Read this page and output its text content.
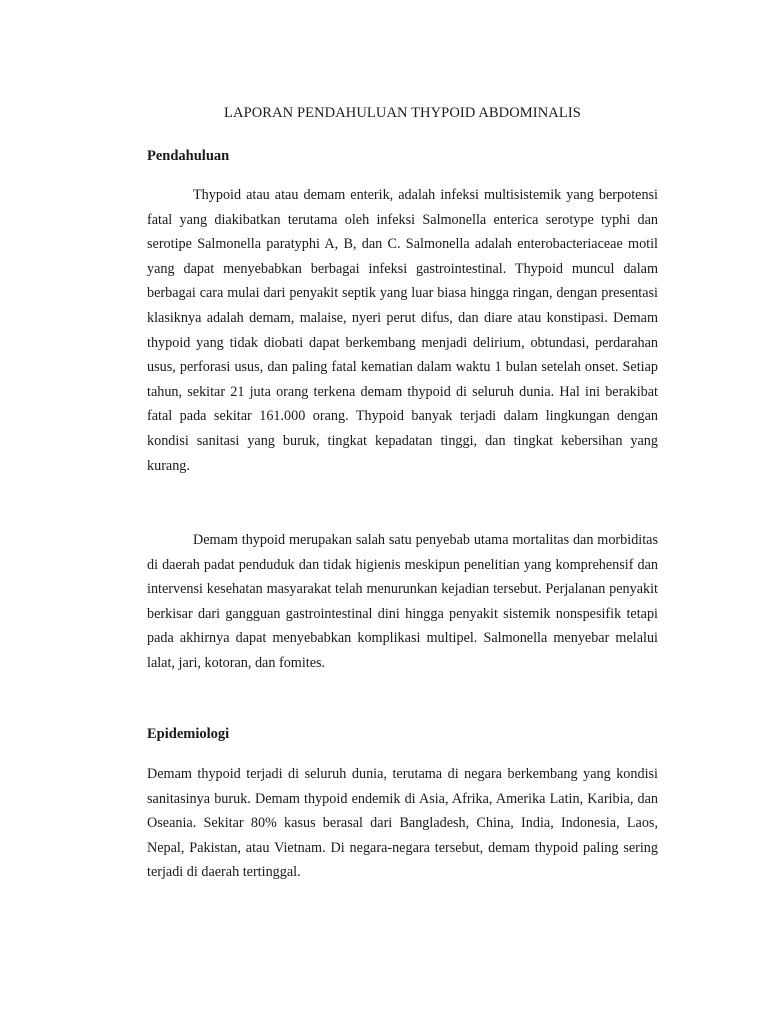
LAPORAN PENDAHULUAN THYPOID ABDOMINALIS
Pendahuluan

Thypoid atau atau demam enterik, adalah infeksi multisistemik yang berpotensi fatal yang diakibatkan terutama oleh infeksi Salmonella enterica serotype typhi dan serotipe Salmonella paratyphi A, B, dan C. Salmonella adalah enterobacteriaceae motil yang dapat menyebabkan berbagai infeksi gastrointestinal. Thypoid muncul dalam berbagai cara mulai dari penyakit septik yang luar biasa hingga ringan, dengan presentasi klasiknya adalah demam, malaise, nyeri perut difus, dan diare atau konstipasi. Demam thypoid yang tidak diobati dapat berkembang menjadi delirium, obtundasi, perdarahan usus, perforasi usus, dan paling fatal kematian dalam waktu 1 bulan setelah onset. Setiap tahun, sekitar 21 juta orang terkena demam thypoid di seluruh dunia. Hal ini berakibat fatal pada sekitar 161.000 orang. Thypoid banyak terjadi dalam lingkungan dengan kondisi sanitasi yang buruk, tingkat kepadatan tinggi, dan tingkat kebersihan yang kurang.

Demam thypoid merupakan salah satu penyebab utama mortalitas dan morbiditas di daerah padat penduduk dan tidak higienis meskipun penelitian yang komprehensif dan intervensi kesehatan masyarakat telah menurunkan kejadian tersebut. Perjalanan penyakit berkisar dari gangguan gastrointestinal dini hingga penyakit sistemik nonspesifik tetapi pada akhirnya dapat menyebabkan komplikasi multipel. Salmonella menyebar melalui lalat, jari, kotoran, dan fomites.

Epidemiologi

Demam thypoid terjadi di seluruh dunia, terutama di negara berkembang yang kondisi sanitasinya buruk. Demam thypoid endemik di Asia, Afrika, Amerika Latin, Karibia, dan Oseania. Sekitar 80% kasus berasal dari Bangladesh, China, India, Indonesia, Laos, Nepal, Pakistan, atau Vietnam. Di negara-negara tersebut, demam thypoid paling sering terjadi di daerah tertinggal.
